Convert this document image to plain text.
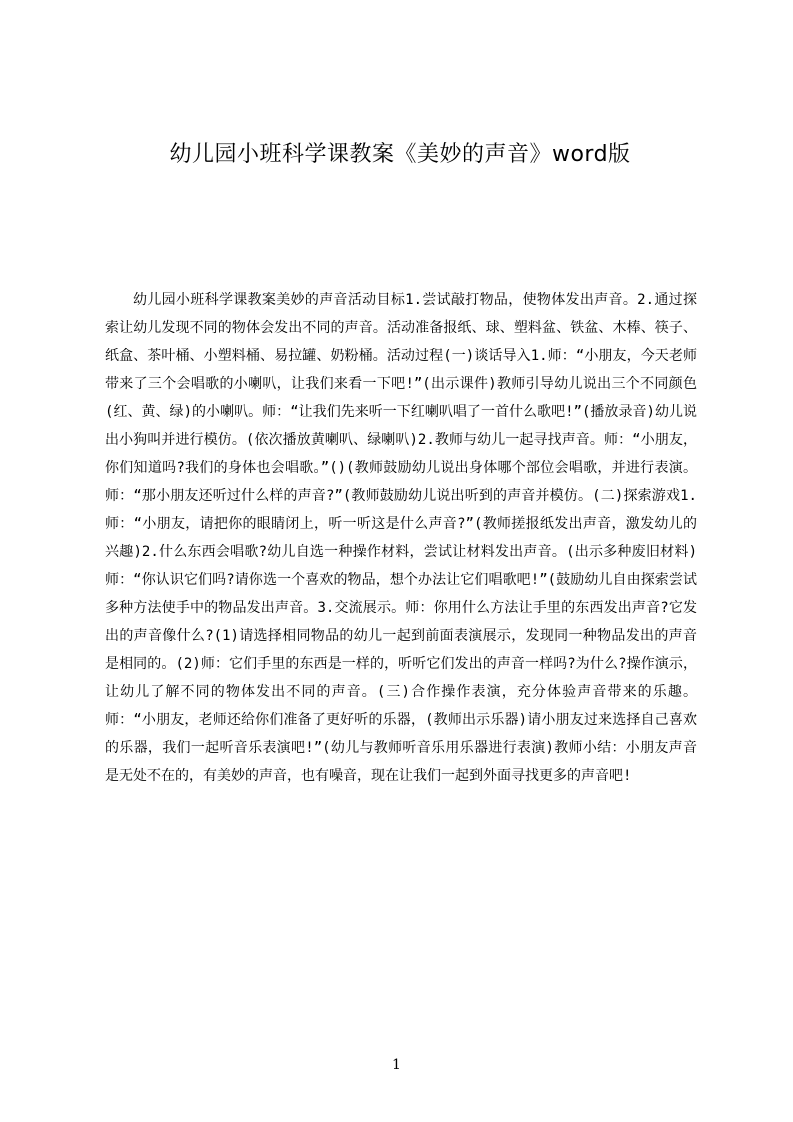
幼儿园小班科学课教案《美妙的声音》word版

幼儿园小班科学课教案美妙的声音活动目标1.尝试敲打物品，使物体发出声音。2.通过探索让幼儿发现不同的物体会发出不同的声音。活动准备报纸、球、塑料盆、铁盆、木棒、筷子、纸盒、茶叶桶、小塑料桶、易拉罐、奶粉桶。活动过程(一)谈话导入1.师：“小朋友，今天老师带来了三个会唱歌的小喇叭，让我们来看一下吧!”(出示课件)教师引导幼儿说出三个不同颜色(红、黄、绿)的小喇叭。师：“让我们先来听一下红喇叭唱了一首什么歌吧!”(播放录音)幼儿说出小狗叫并进行模仿。(依次播放黄喇叭、绿喇叭)2.教师与幼儿一起寻找声音。师：“小朋友，你们知道吗?我们的身体也会唱歌。”()(教师鼓励幼儿说出身体哪个部位会唱歌，并进行表演。师：“那小朋友还听过什么样的声音?”(教师鼓励幼儿说出听到的声音并模仿。(二)探索游戏1.师：“小朋友，请把你的眼睛闭上，听一听这是什么声音?”(教师搓报纸发出声音，激发幼儿的兴趣)2.什么东西会唱歌?幼儿自选一种操作材料，尝试让材料发出声音。(出示多种废旧材料)师：“你认识它们吗?请你选一个喜欢的物品，想个办法让它们唱歌吧!”(鼓励幼儿自由探索尝试多种方法使手中的物品发出声音。3.交流展示。师：你用什么方法让手里的东西发出声音?它发出的声音像什么?(1)请选择相同物品的幼儿一起到前面表演展示，发现同一种物品发出的声音是相同的。(2)师：它们手里的东西是一样的，听听它们发出的声音一样吗?为什么?操作演示，让幼儿了解不同的物体发出不同的声音。(三)合作操作表演，充分体验声音带来的乐趣。师：“小朋友，老师还给你们准备了更好听的乐器，(教师出示乐器)请小朋友过来选择自己喜欢的乐器，我们一起听音乐表演吧!”(幼儿与教师听音乐用乐器进行表演)教师小结：小朋友声音是无处不在的，有美妙的声音，也有噪音，现在让我们一起到外面寻找更多的声音吧!

1
